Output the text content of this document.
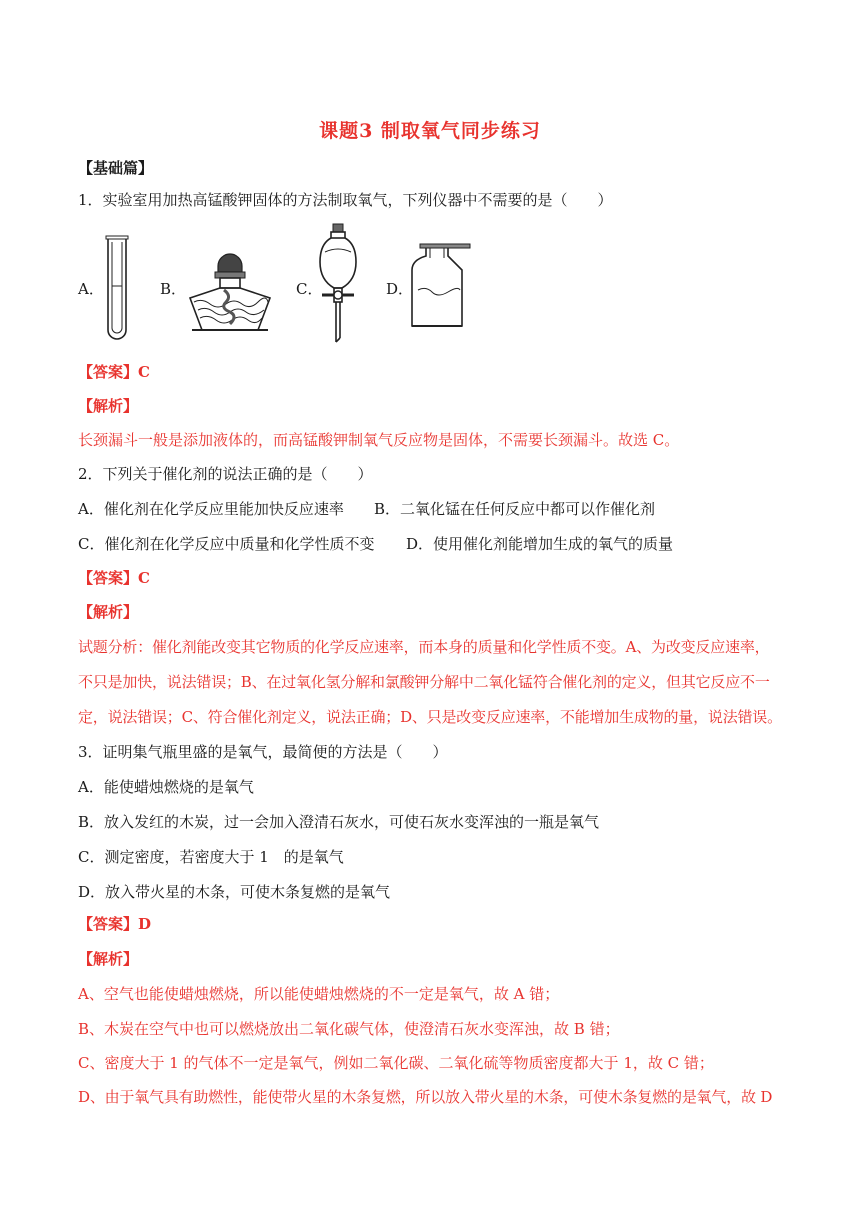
课题3 制取氧气同步练习
【基础篇】
1．实验室用加热高锰酸钾固体的方法制取氧气，下列仪器中不需要的是（　　）
A．	B．	C．	D．
【答案】C
【解析】
长颈漏斗一般是添加液体的，而高锰酸钾制氧气反应物是固体，不需要长颈漏斗。故选 C。
2．下列关于催化剂的说法正确的是（　　）
A．催化剂在化学反应里能加快反应速率 B．二氧化锰在任何反应中都可以作催化剂
C．催化剂在化学反应中质量和化学性质不变 D．使用催化剂能增加生成的氧气的质量
【答案】C
【解析】
试题分析：催化剂能改变其它物质的化学反应速率，而本身的质量和化学性质不变。A、为改变反应速率，
不只是加快，说法错误；B、在过氧化氢分解和氯酸钾分解中二氧化锰符合催化剂的定义，但其它反应不一
定，说法错误；C、符合催化剂定义，说法正确；D、只是改变反应速率，不能增加生成物的量，说法错误。
3．证明集气瓶里盛的是氧气，最简便的方法是（　　）
A．能使蜡烛燃烧的是氧气
B．放入发红的木炭，过一会加入澄清石灰水，可使石灰水变浑浊的一瓶是氧气
C．测定密度，若密度大于 1　的是氧气
D．放入带火星的木条，可使木条复燃的是氧气
【答案】D
【解析】
A、空气也能使蜡烛燃烧，所以能使蜡烛燃烧的不一定是氧气，故 A 错；
B、木炭在空气中也可以燃烧放出二氧化碳气体，使澄清石灰水变浑浊，故 B 错；
C、密度大于 1 的气体不一定是氧气，例如二氧化碳、二氧化硫等物质密度都大于 1，故 C 错；
D、由于氧气具有助燃性，能使带火星的木条复燃，所以放入带火星的木条，可使木条复燃的是氧气，故 D
